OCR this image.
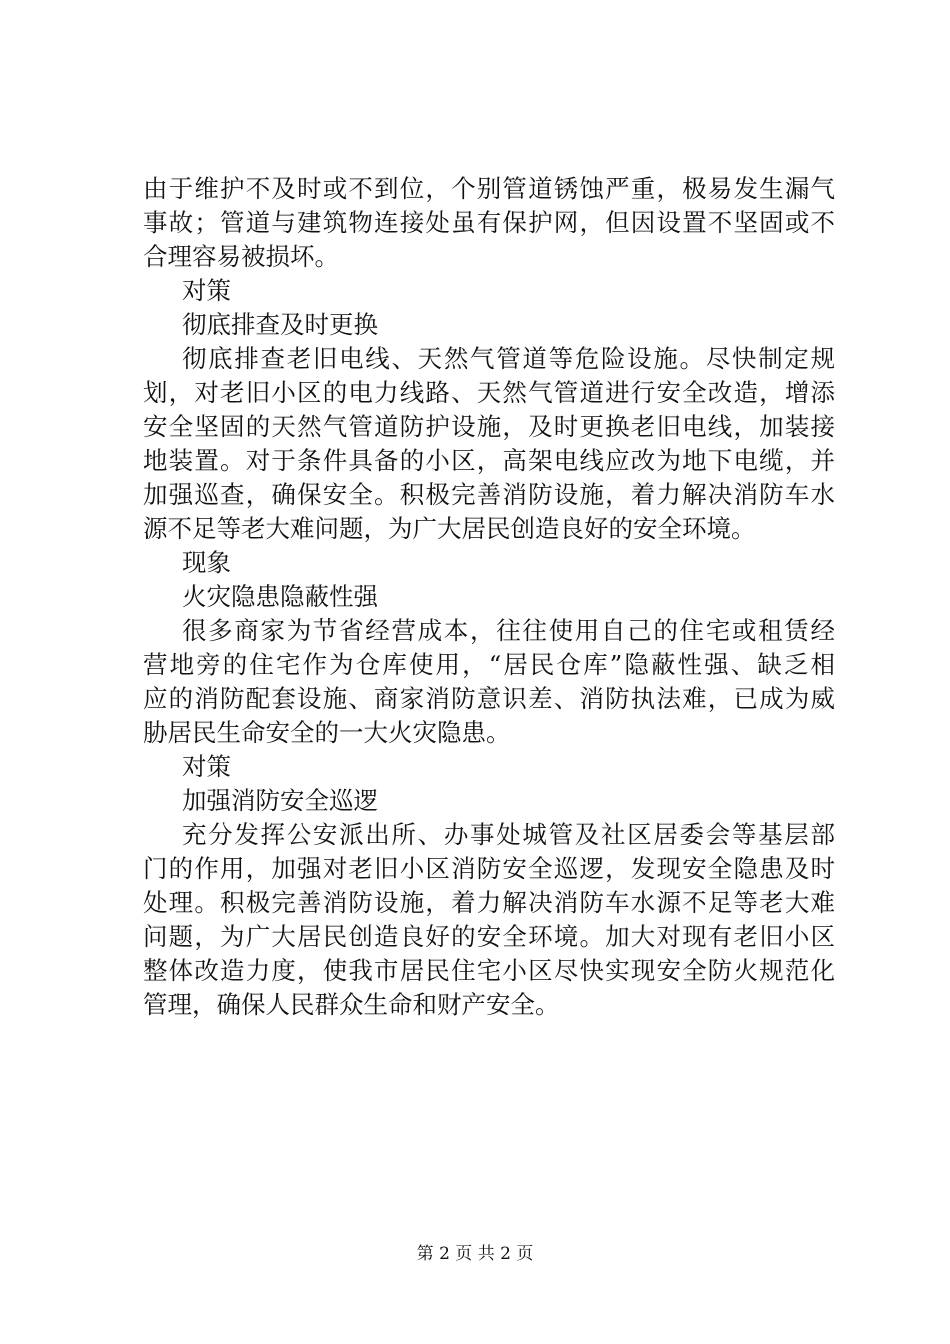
由于维护不及时或不到位，个别管道锈蚀严重，极易发生漏气
事故；管道与建筑物连接处虽有保护网，但因设置不坚固或不
合理容易被损坏。
对策
彻底排查及时更换
彻底排查老旧电线、天然气管道等危险设施。尽快制定规
划，对老旧小区的电力线路、天然气管道进行安全改造，增添
安全坚固的天然气管道防护设施，及时更换老旧电线，加装接
地装置。对于条件具备的小区，高架电线应改为地下电缆，并
加强巡查，确保安全。积极完善消防设施，着力解决消防车水
源不足等老大难问题，为广大居民创造良好的安全环境。
现象
火灾隐患隐蔽性强
很多商家为节省经营成本，往往使用自己的住宅或租赁经
营地旁的住宅作为仓库使用，“居民仓库”隐蔽性强、缺乏相
应的消防配套设施、商家消防意识差、消防执法难，已成为威
胁居民生命安全的一大火灾隐患。
对策
加强消防安全巡逻
充分发挥公安派出所、办事处城管及社区居委会等基层部
门的作用，加强对老旧小区消防安全巡逻，发现安全隐患及时
处理。积极完善消防设施，着力解决消防车水源不足等老大难
问题，为广大居民创造良好的安全环境。加大对现有老旧小区
整体改造力度，使我市居民住宅小区尽快实现安全防火规范化
管理，确保人民群众生命和财产安全。
第 2 页 共 2 页
